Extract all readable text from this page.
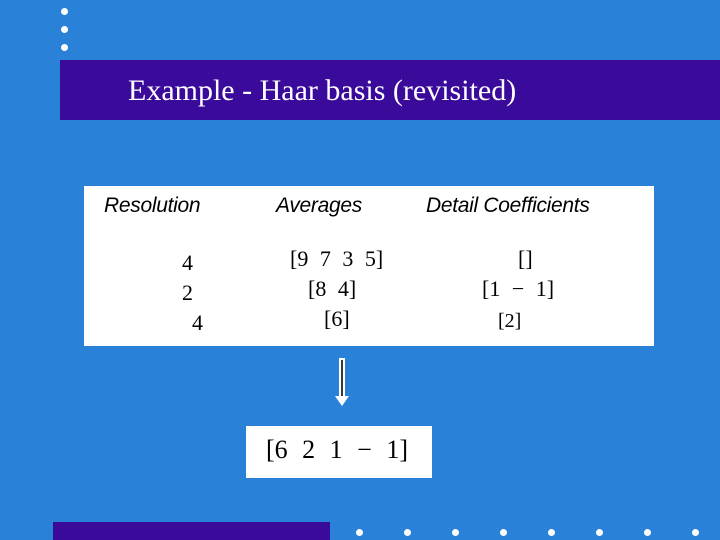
Example - Haar basis (revisited)
Resolution	Averages	Detail Coefficients
4	[9 7 3 5]	[]
2	[8 4]	[1 − 1]
4	[6]	[2]
[6 2 1 − 1]
